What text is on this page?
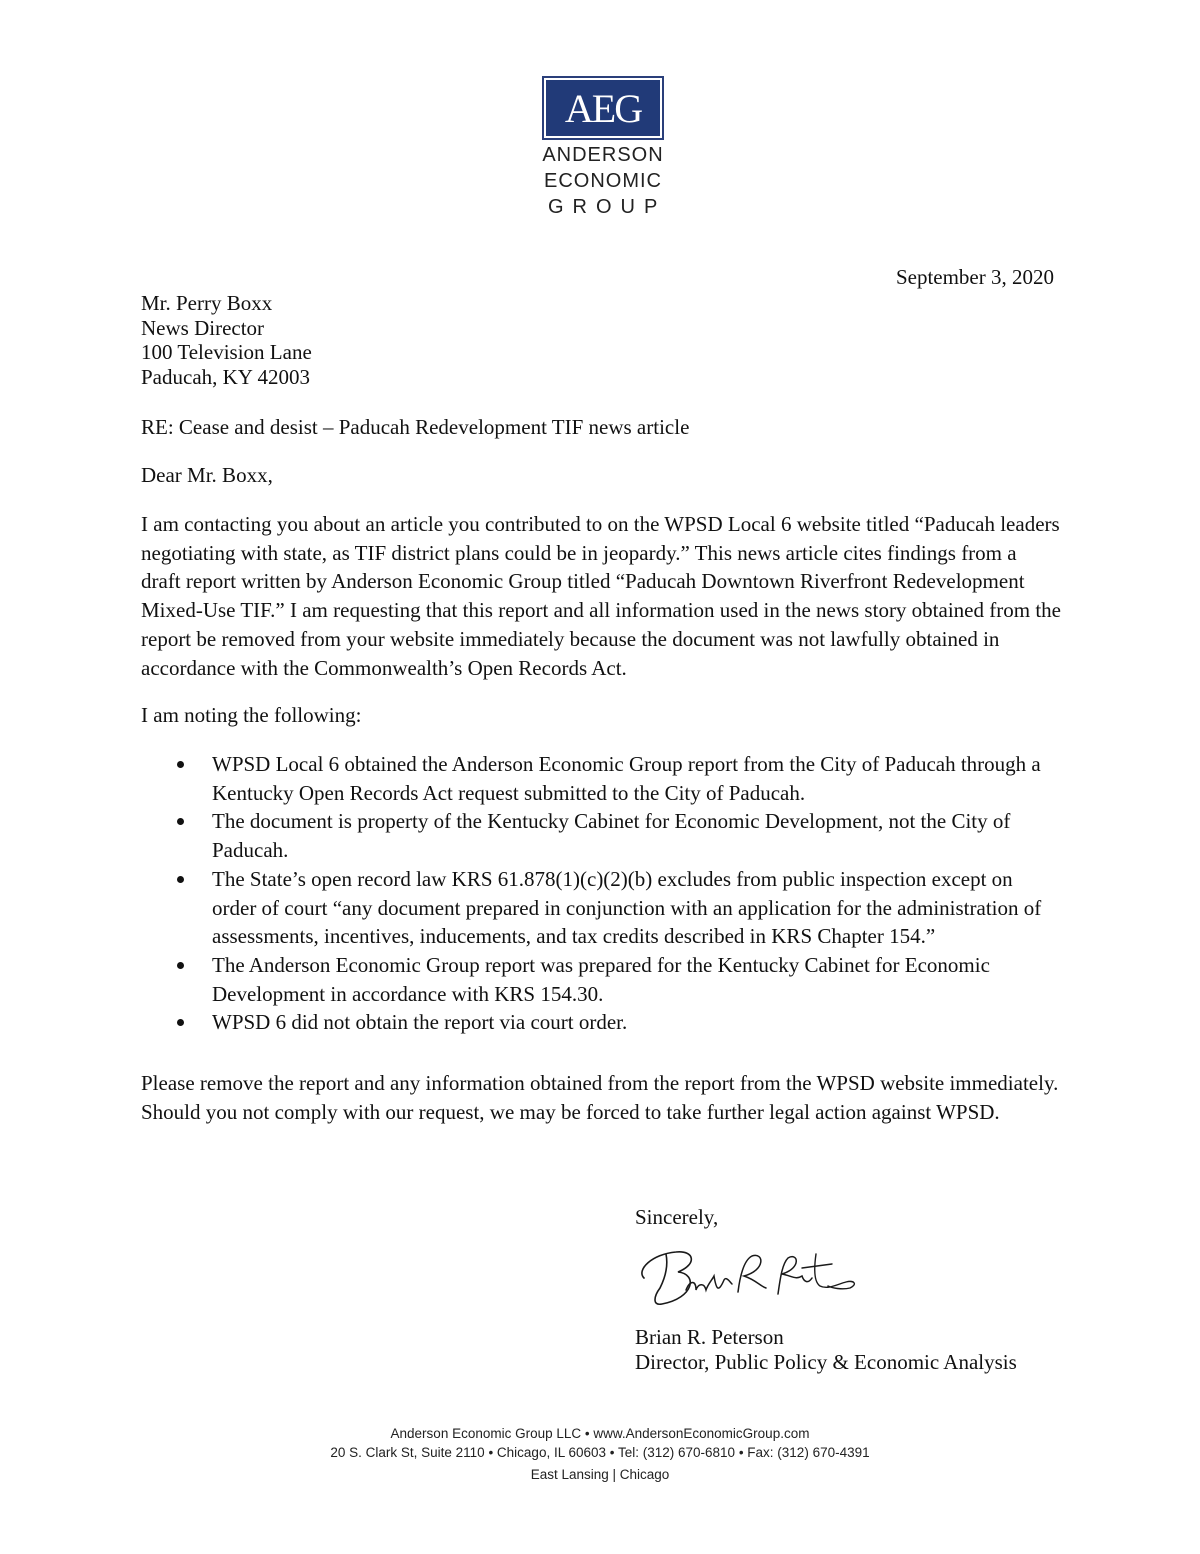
AEG
ANDERSON
ECONOMIC
GROUP
September 3, 2020
Mr. Perry Boxx
News Director
100 Television Lane
Paducah, KY 42003
RE: Cease and desist – Paducah Redevelopment TIF news article
Dear Mr. Boxx,
I am contacting you about an article you contributed to on the WPSD Local 6 website titled “Paducah leaders negotiating with state, as TIF district plans could be in jeopardy.” This news article cites findings from a draft report written by Anderson Economic Group titled “Paducah Downtown Riverfront Redevelopment Mixed-Use TIF.” I am requesting that this report and all information used in the news story obtained from the report be removed from your website immediately because the document was not lawfully obtained in accordance with the Commonwealth’s Open Records Act.
I am noting the following:
WPSD Local 6 obtained the Anderson Economic Group report from the City of Paducah through a Kentucky Open Records Act request submitted to the City of Paducah.
The document is property of the Kentucky Cabinet for Economic Development, not the City of Paducah.
The State’s open record law KRS 61.878(1)(c)(2)(b) excludes from public inspection except on order of court “any document prepared in conjunction with an application for the administration of assessments, incentives, inducements, and tax credits described in KRS Chapter 154.”
The Anderson Economic Group report was prepared for the Kentucky Cabinet for Economic Development in accordance with KRS 154.30.
WPSD 6 did not obtain the report via court order.
Please remove the report and any information obtained from the report from the WPSD website immediately. Should you not comply with our request, we may be forced to take further legal action against WPSD.
Sincerely,
Brian R. Peterson
Director, Public Policy & Economic Analysis
Anderson Economic Group LLC • www.AndersonEconomicGroup.com
20 S. Clark St, Suite 2110 • Chicago, IL 60603 • Tel: (312) 670-6810 • Fax: (312) 670-4391
East Lansing | Chicago
